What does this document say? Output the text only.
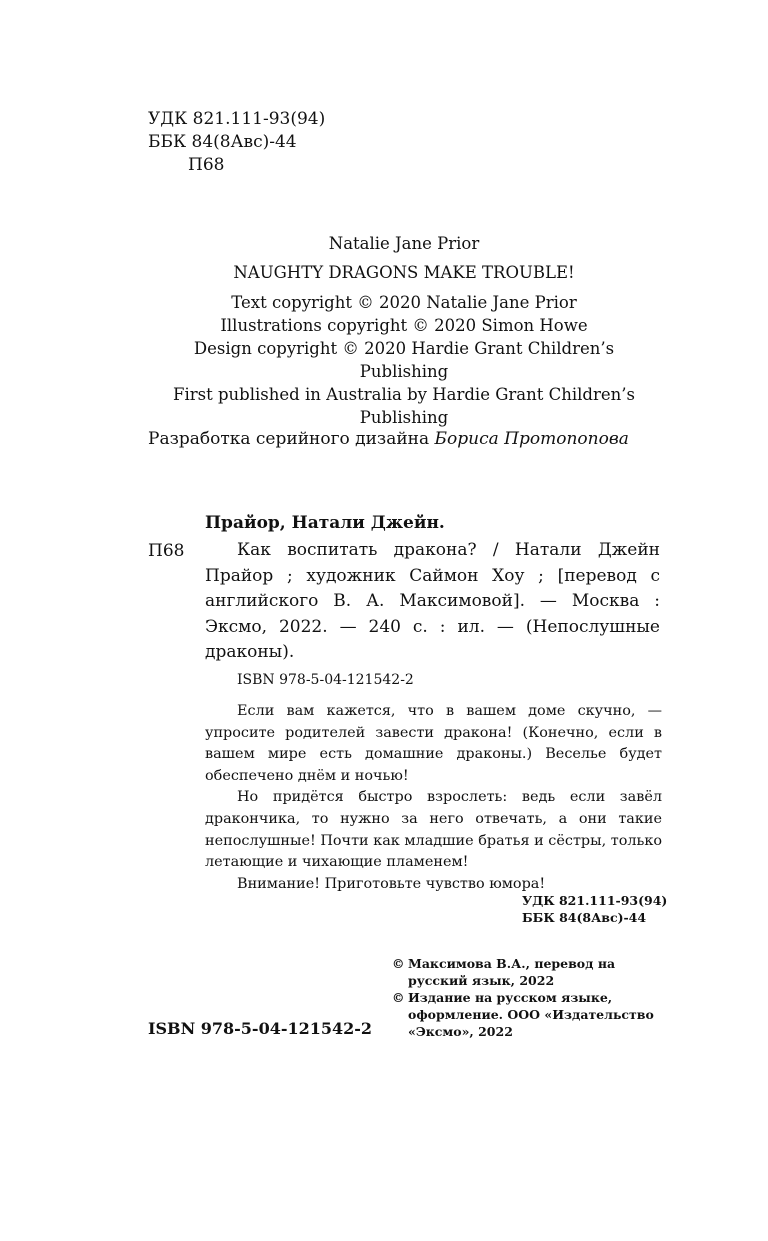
УДК 821.111-93(94)
ББК 84(8Авс)-44
П68
Natalie Jane Prior
NAUGHTY DRAGONS MAKE TROUBLE!
Text copyright © 2020 Natalie Jane Prior
Illustrations copyright © 2020 Simon Howe
Design copyright © 2020 Hardie Grant Children’s Publishing
First published in Australia by Hardie Grant Children’s
Publishing
Разработка серийного дизайна Бориса Протопопова
Прайор, Натали Джейн.
П68	Как воспитать дракона? / Натали Джейн Прайор ; художник Саймон Хоу ; [перевод с английского В. А. Максимовой]. — Москва : Эксмо, 2022. — 240 с. : ил. — (Непослушные драконы).

ISBN 978-5-04-121542-2

Если вам кажется, что в вашем доме скучно, — упросите родителей завести дракона! (Конечно, если в вашем мире есть домашние драконы.) Веселье будет обеспечено днём и ночью!

Но придётся быстро взрослеть: ведь если завёл дракончика, то нужно за него отвечать, а они такие непослушные! Почти как младшие братья и сёстры, только летающие и чихающие пламенем!

Внимание! Приготовьте чувство юмора!

УДК 821.111-93(94)
ББК 84(8Авс)-44
ISBN 978-5-04-121542-2
© Максимова В.А., перевод на русский язык, 2022
© Издание на русском языке, оформление. ООО «Издательство «Эксмо», 2022
